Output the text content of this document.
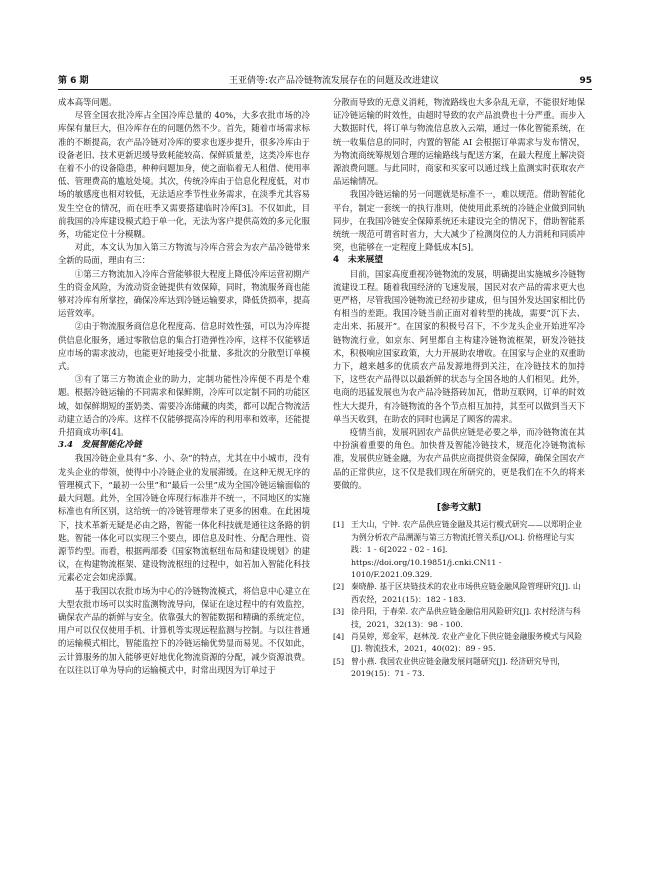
第 6 期	王亚倩等:农产品冷链物流发展存在的问题及改进建议	95

成本高等问题。

尽管全国农批冷库占全国冷库总量的 40%，大多农批市场的冷库保有量巨大，但冷库存在的问题仍然不少。首先，随着市场需求标准的不断提高，农产品冷链对冷库的要求也逐步提升，很多冷库由于设备老旧、技术更新迟缓导致耗能较高、保鲜质量差，这类冷库也存在着不小的设备隐患，种种问题加身，使之面临着无人租借、使用率低、管理费高的尴尬处境。其次，传统冷库由于信息化程度低，对市场的敏感度也相对较低，无法适应季节性业务需求，在淡季尤其容易发生空仓的情况，而在旺季又需要搭建临时冷库[3]。不仅如此，目前我国的冷库建设模式趋于单一化，无法为客户提供高效的多元化服务，功能定位十分模糊。

对此，本文认为加入第三方物流与冷库合营会为农产品冷链带来全新的局面，理由有三：

①第三方物流加入冷库合营能够很大程度上降低冷库运营初期产生的资金风险，为流动资金链提供有效保障，同时，物流服务商也能够对冷库有所掌控，确保冷库达到冷链运输要求，降低货损率，提高运营效率。

②由于物流服务商信息化程度高、信息时效性强，可以为冷库提供信息化服务，通过零散信息的集合打造弹性冷库，这样不仅能够适应市场的需求波动，也能更好地接受小批量、多批次的分散型订单模式。

③有了第三方物流企业的助力，定制功能性冷库便不再是个难题。根据冷链运输的不同需求和保鲜期，冷库可以定制不同的功能区域，如保鲜期短的蛋奶类、需要冷冻储藏的肉类，都可以配合物流活动建立适合的冷库。这样不仅能够提高冷库的利用率和效率，还能提升招商成功率[4]。

3.4　发展智能化冷链

我国冷链企业具有“多、小、杂”的特点，尤其在中小城市，没有龙头企业的带领，使得中小冷链企业的发展滞缓。在这种无规无序的管理模式下，“最初一公里”和“最后一公里”成为全国冷链运输面临的最大问题。此外，全国冷链仓库现行标准并不统一，不同地区的实施标准也有所区别，这给统一的冷链管理带来了更多的困难。在此困境下，技术革新无疑是必由之路，智能一体化科技就是通往这条路的钥匙。智能一体化可以实现三个要点，即信息及时性、分配合理性、资源节约型。而看，根据两部委《国家物流枢纽布局和建设规划》的建议，在构建物流框架、建设物流枢纽的过程中，如若加入智能化科技元素必定会如虎添翼。

基于我国以农批市场为中心的冷链物流模式，将信息中心建立在大型农批市场可以实时监测物流导向，保证在途过程中的有效监控，确保农产品的新鲜与安全。依靠强大的智能数据和精确的系统定位，用户可以仅仅使用手机、计算机等实现远程监测与控制。与以往普通的运输模式相比，智能监控下的冷链运输优势显而易见。不仅如此，云计算服务的加入能够更好地优化物流资源的分配，减少资源浪费。在以往以订单为导向的运输模式中，时常出现因为订单过于

分散而导致的无意义消耗，物流路线也大多杂乱无章，不能很好地保证冷链运输的时效性，由超时导致的农产品浪费也十分严重。而步入大数据时代，将订单与物流信息放入云端，通过一体化智能系统，在统一收集信息的同时，内置的智能 AI 会根据订单需求与发布情况，为物流商统筹规划合理的运输路线与配送方案，在最大程度上解决资源浪费问题。与此同时，商家和买家可以通过线上监测实时获取农产品运输情况。

我国冷链运输的另一问题就是标准不一，难以规范。借助智能化平台，制定一套统一的执行准则，使使用此系统的冷链企业做到同轨同步，在我国冷链安全保障系统还未建设完全的情况下，借助智能系统统一规范可谓省时省力，大大减少了检测岗位的人力消耗和同质冲突，也能够在一定程度上降低成本[5]。

4　未来展望

目前，国家高度重视冷链物流的发展，明确提出实施城乡冷链物流建设工程。随着我国经济的飞速发展，国民对农产品的需求更大也更严格，尽管我国冷链物流已经初步建成，但与国外发达国家相比仍有相当的差距。我国冷链当前正面对着转型的挑战，需要“沉下去、走出来、拓展开”。在国家的积极号召下，不少龙头企业开始进军冷链物流行业，如京东、阿里都自主构建冷链物流框架，研发冷链技术，积极响应国家政策，大力开展助农增收。在国家与企业的双重助力下，越来越多的优质农产品发源地得到关注，在冷链技术的加持下，这些农产品得以以最新鲜的状态与全国各地的人们相见。此外，电商的迅猛发展也为农产品冷链搭砖加瓦，借助互联网，订单的时效性大大提升，有冷链物流的各个节点相互加持，其至可以做到当天下单当天收到，在助农的同时也满足了顾客的需求。

疫情当前，发展巩固农产品供应链是必要之举，而冷链物流在其中扮演着重要的角色。加快普及智能冷链技术，规范化冷链物流标准，发展供应链金融，为农产品供应商提供资金保障，确保全国农产品的正常供应，这不仅是我们现在所研究的，更是我们在不久的将来要做的。

[参考文献]
[1] 王大山，宁钟. 农产品供应链金融及其运行模式研究——以郑明企业为例分析农产品溯源与第三方物流托管关系[J/OL]. 价格理论与实践：1 - 6[2022 - 02 - 16]. https://doi.org/10.19851/j.cnki.CN11 - 1010/F.2021.09.329.
[2] 秦晓静. 基于区块链技术的农业市场供应链金融风险管理研究[J]. 山西农经，2021(15)：182 - 183.
[3] 徐丹阳，于春荣. 农产品供应链金融信用风险研究[J]. 农村经济与科技，2021，32(13)：98 - 100.
[4] 肖昊婷，郑金军，赵林茂. 农业产业化下供应链金融服务模式与风险[J]. 物流技术，2021，40(02)：89 - 95.
[5] 曾小燕. 我国农业供应链金融发展问题研究[J]. 经济研究导刊，2019(15)：71 - 73.
